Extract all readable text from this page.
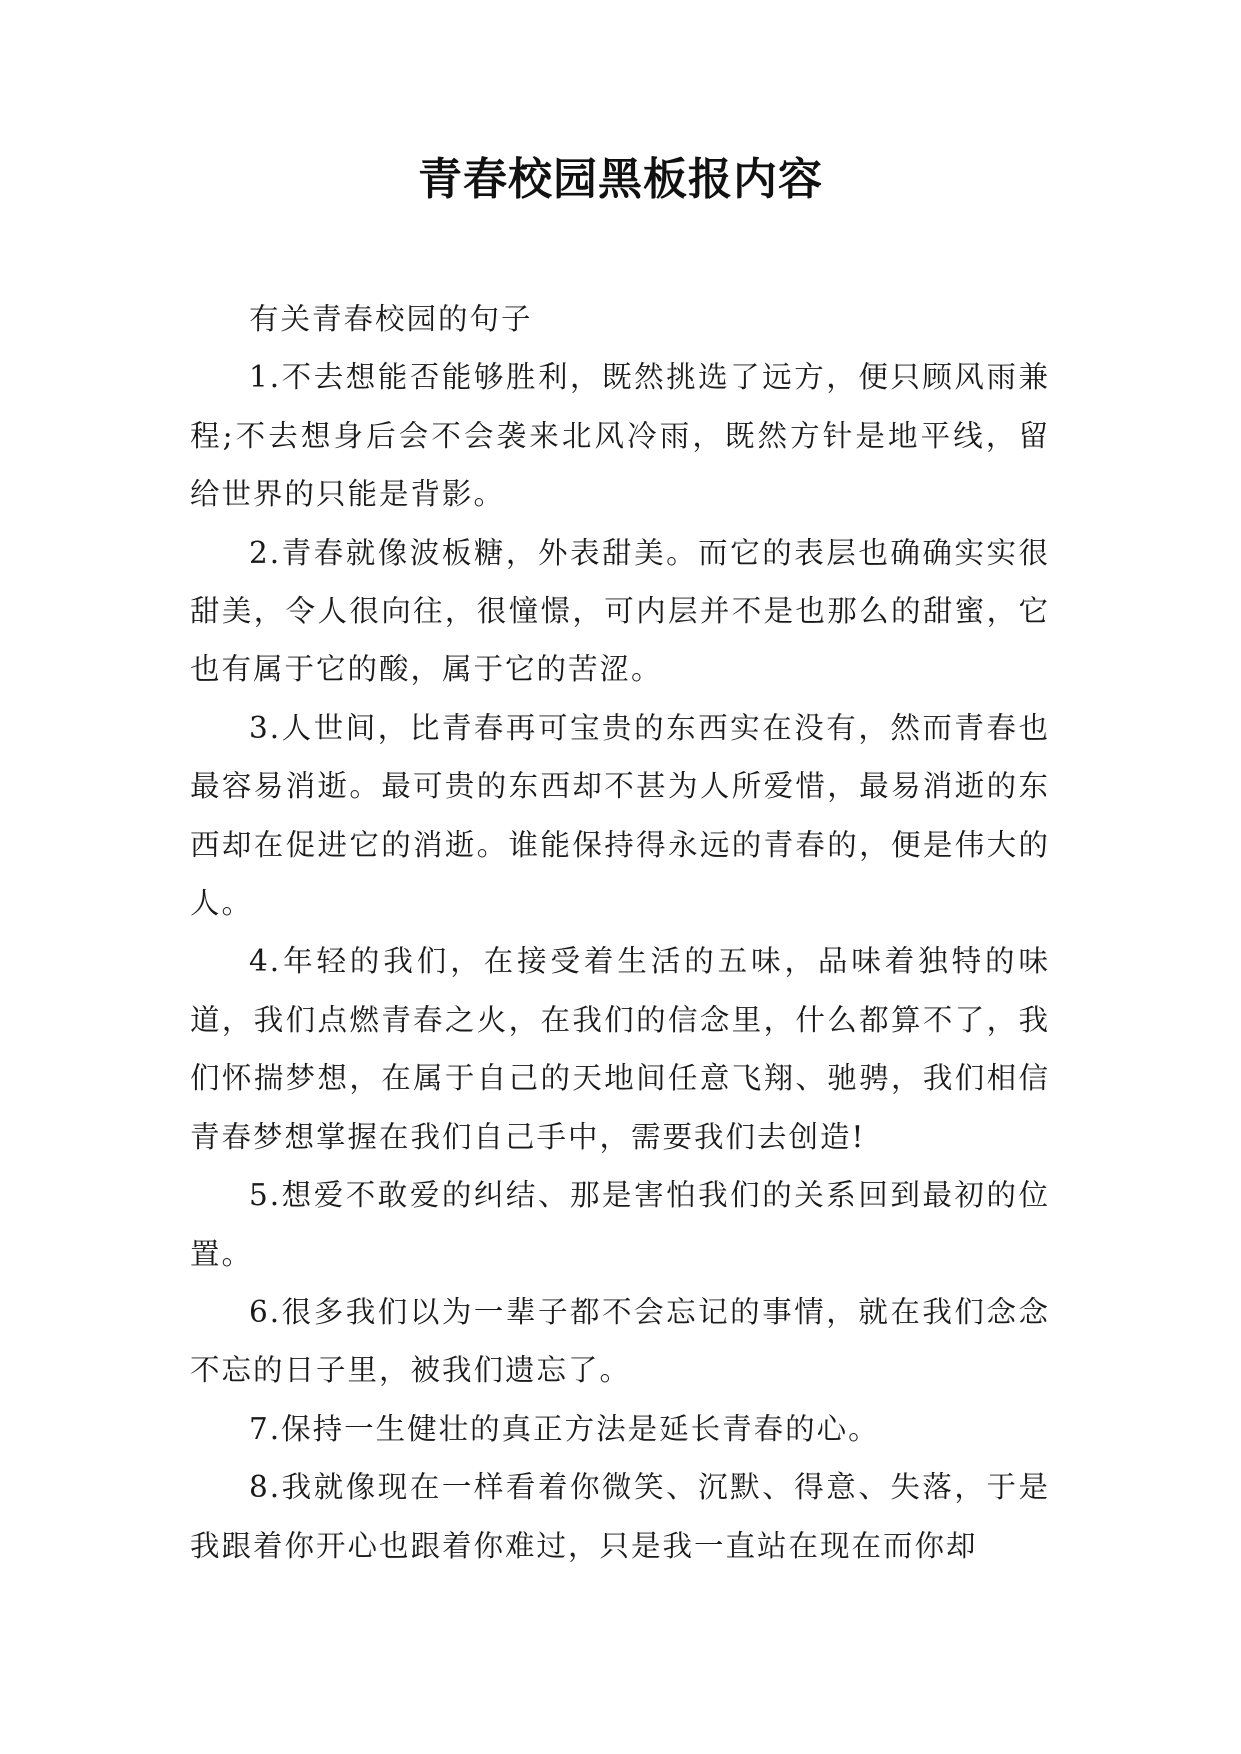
青春校园黑板报内容

有关青春校园的句子

1.不去想能否能够胜利，既然挑选了远方，便只顾风雨兼程;不去想身后会不会袭来北风冷雨，既然方针是地平线，留给世界的只能是背影。

2.青春就像波板糖，外表甜美。而它的表层也确确实实很甜美，令人很向往，很憧憬，可内层并不是也那么的甜蜜，它也有属于它的酸，属于它的苦涩。

3.人世间，比青春再可宝贵的东西实在没有，然而青春也最容易消逝。最可贵的东西却不甚为人所爱惜，最易消逝的东西却在促进它的消逝。谁能保持得永远的青春的，便是伟大的人。

4.年轻的我们，在接受着生活的五味，品味着独特的味道，我们点燃青春之火，在我们的信念里，什么都算不了，我们怀揣梦想，在属于自己的天地间任意飞翔、驰骋，我们相信青春梦想掌握在我们自己手中，需要我们去创造!

5.想爱不敢爱的纠结、那是害怕我们的关系回到最初的位置。

6.很多我们以为一辈子都不会忘记的事情，就在我们念念不忘的日子里，被我们遗忘了。

7.保持一生健壮的真正方法是延长青春的心。

8.我就像现在一样看着你微笑、沉默、得意、失落，于是我跟着你开心也跟着你难过，只是我一直站在现在而你却
